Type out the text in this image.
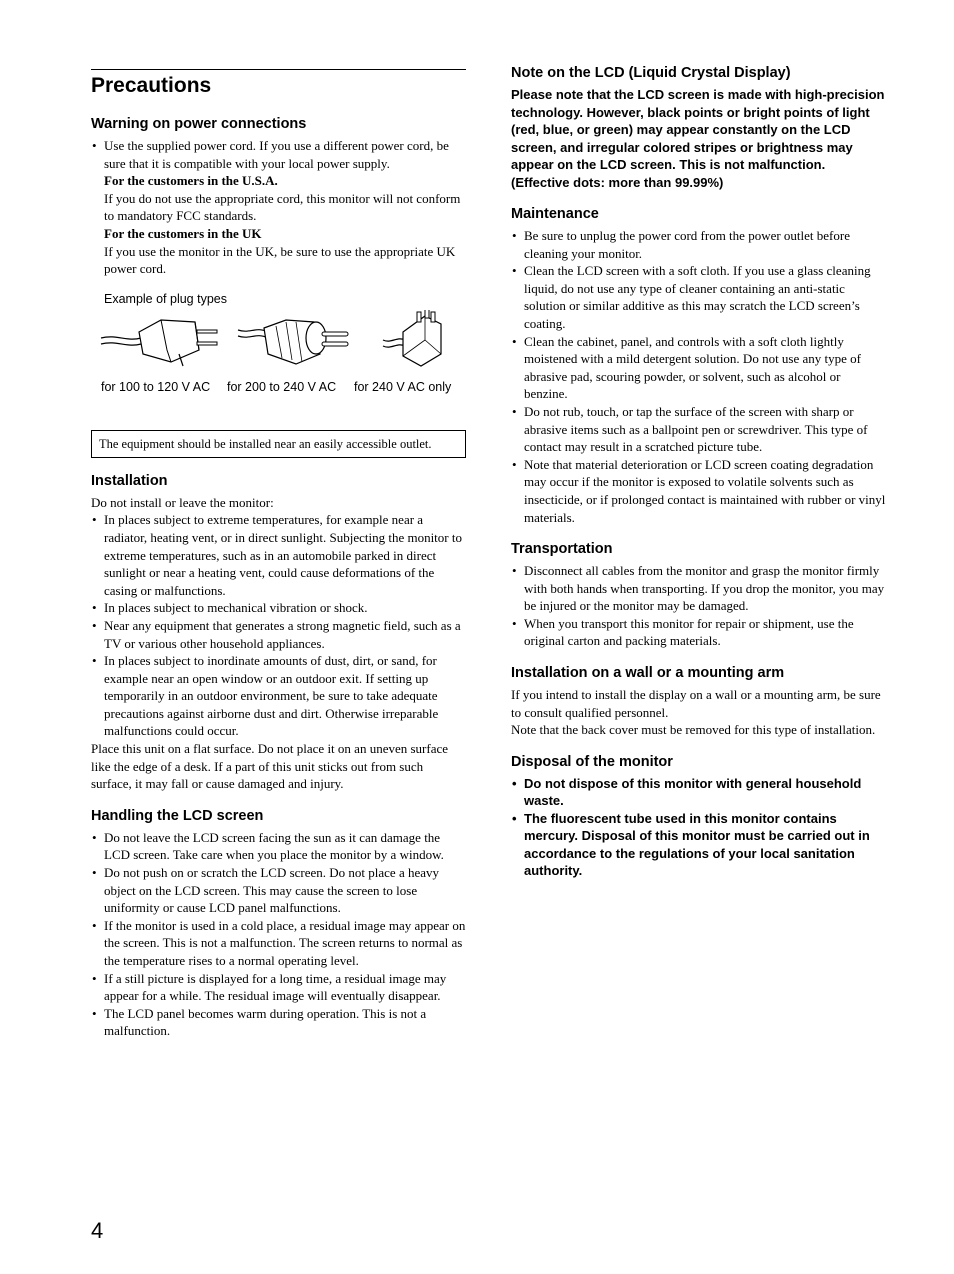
Precautions
Warning on power connections
• Use the supplied power cord. If you use a different power cord, be sure that it is compatible with your local power supply.
For the customers in the U.S.A.
If you do not use the appropriate cord, this monitor will not conform to mandatory FCC standards.
For the customers in the UK
If you use the monitor in the UK, be sure to use the appropriate UK power cord.
Example of plug types
for 100 to 120 V AC for 200 to 240 V AC for 240 V AC only
The equipment should be installed near an easily accessible outlet.
Installation

Do not install or leave the monitor:

• In places subject to extreme temperatures, for example near a radiator, heating vent, or in direct sunlight. Subjecting the monitor to extreme temperatures, such as in an automobile parked in direct sunlight or near a heating vent, could cause deformations of the casing or malfunctions.
• In places subject to mechanical vibration or shock.
• Near any equipment that generates a strong magnetic field, such as a TV or various other household appliances.
• In places subject to inordinate amounts of dust, dirt, or sand, for example near an open window or an outdoor exit. If setting up temporarily in an outdoor environment, be sure to take adequate precautions against airborne dust and dirt. Otherwise irreparable malfunctions could occur.

Place this unit on a flat surface. Do not place it on an uneven surface like the edge of a desk. If a part of this unit sticks out from such surface, it may fall or cause damaged and injury.

Handling the LCD screen
• Do not leave the LCD screen facing the sun as it can damage the LCD screen. Take care when you place the monitor by a window.
• Do not push on or scratch the LCD screen. Do not place a heavy object on the LCD screen. This may cause the screen to lose uniformity or cause LCD panel malfunctions.
• If the monitor is used in a cold place, a residual image may appear on the screen. This is not a malfunction. The screen returns to normal as the temperature rises to a normal operating level.
• If a still picture is displayed for a long time, a residual image may appear for a while. The residual image will eventually disappear.
• The LCD panel becomes warm during operation. This is not a malfunction.
Note on the LCD (Liquid Crystal Display)
Please note that the LCD screen is made with high-precision technology. However, black points or bright points of light (red, blue, or green) may appear constantly on the LCD screen, and irregular colored stripes or brightness may appear on the LCD screen. This is not malfunction.
(Effective dots: more than 99.99%)
Maintenance
• Be sure to unplug the power cord from the power outlet before cleaning your monitor.
• Clean the LCD screen with a soft cloth. If you use a glass cleaning liquid, do not use any type of cleaner containing an anti-static solution or similar additive as this may scratch the LCD screen’s coating.
• Clean the cabinet, panel, and controls with a soft cloth lightly moistened with a mild detergent solution. Do not use any type of abrasive pad, scouring powder, or solvent, such as alcohol or benzine.
• Do not rub, touch, or tap the surface of the screen with sharp or abrasive items such as a ballpoint pen or screwdriver. This type of contact may result in a scratched picture tube.
• Note that material deterioration or LCD screen coating degradation may occur if the monitor is exposed to volatile solvents such as insecticide, or if prolonged contact is maintained with rubber or vinyl materials.
Transportation
• Disconnect all cables from the monitor and grasp the monitor firmly with both hands when transporting. If you drop the monitor, you may be injured or the monitor may be damaged.
• When you transport this monitor for repair or shipment, use the original carton and packing materials.
Installation on a wall or a mounting arm

If you intend to install the display on a wall or a mounting arm, be sure to consult qualified personnel.

Note that the back cover must be removed for this type of installation.

Disposal of the monitor
• Do not dispose of this monitor with general household waste.
• The fluorescent tube used in this monitor contains mercury. Disposal of this monitor must be carried out in accordance to the regulations of your local sanitation authority.
4
